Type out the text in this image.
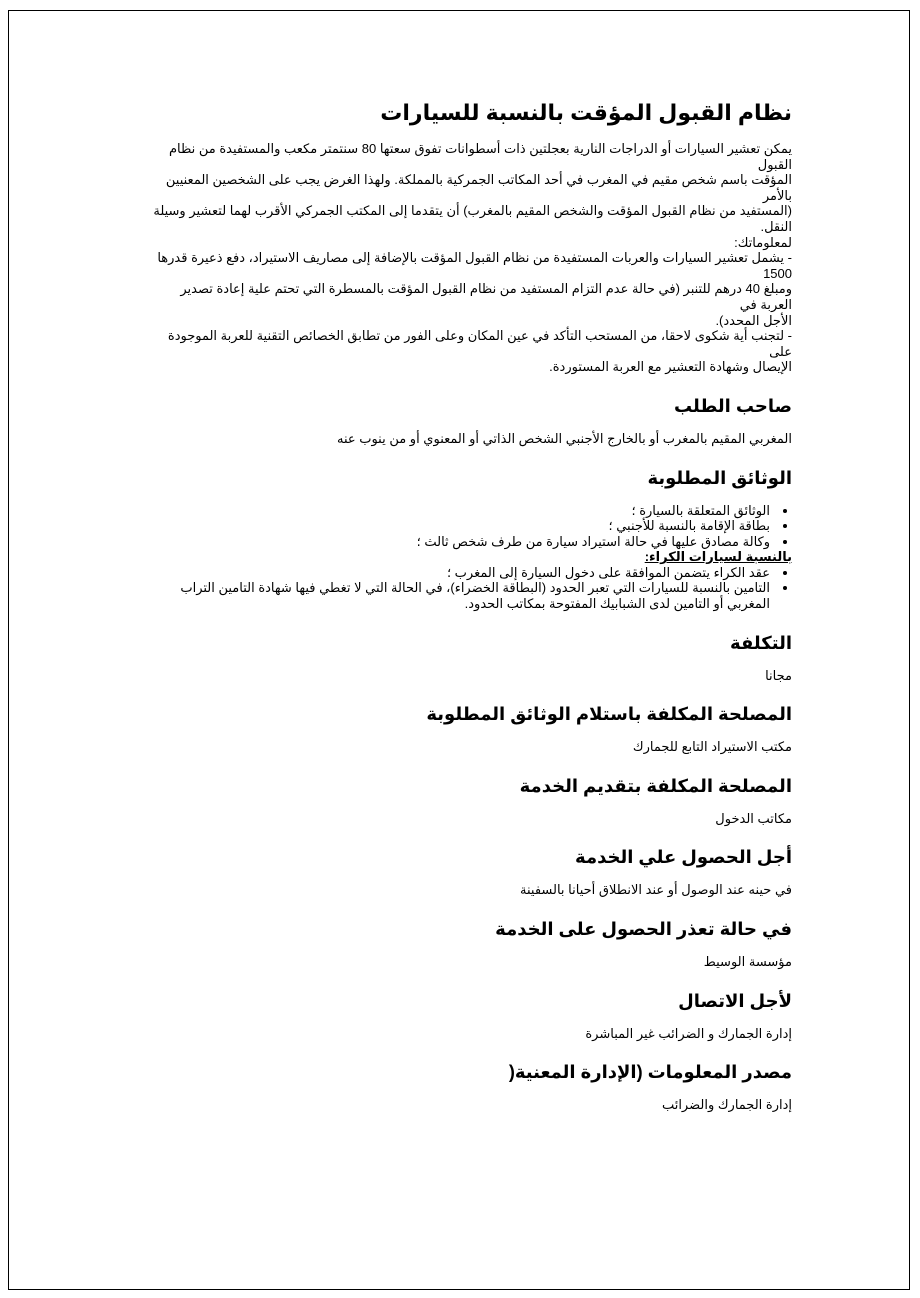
نظام القبول المؤقت بالنسبة للسيارات

يمكن تعشير السيارات أو الدراجات النارية بعجلتين ذات أسطوانات تفوق سعتها 80 سنتمتر مكعب والمستفيدة من نظام القبول
المؤقت باسم شخص مقيم في المغرب في أحد المكاتب الجمركية بالمملكة. ولهذا الغرض يجب على الشخصين المعنيين بالأمر
(المستفيد من نظام القبول المؤقت والشخص المقيم بالمغرب) أن يتقدما إلى المكتب الجمركي الأقرب لهما لتعشير وسيلة النقل.
لمعلوماتك:
- يشمل تعشير السيارات والعربات المستفيدة من نظام القبول المؤقت بالإضافة إلى مصاريف الاستيراد، دفع ذعيرة قدرها 1500
ومبلغ 40 درهم للتنبر (في حالة عدم التزام المستفيد من نظام القبول المؤقت بالمسطرة التي تحتم علية إعادة تصدير العربة في
الأجل المحدد).
- لتجنب أية شكوى لاحقا، من المستحب التأكد في عين المكان وعلى الفور من تطابق الخصائص التقنية للعربة الموجودة على
الإيصال وشهادة التعشير مع العربة المستوردة.

صاحب الطلب

المغربي المقيم بالمغرب أو بالخارج الأجنبي الشخص الذاتي أو المعنوي أو من ينوب عنه

الوثائق المطلوبة
• الوثائق المتعلقة بالسيارة ؛
• بطاقة الإقامة بالنسبة للأجنبي ؛
• وكالة مصادق عليها في حالة استيراد سيارة من طرف شخص ثالث ؛

بالنسبة لسيارات الكراء:

• عقد الكراء يتضمن الموافقة على دخول السيارة إلى المغرب ؛
• التامين بالنسبة للسيارات التي تعبر الحدود (البطاقة الخضراء)، في الحالة التي لا تغطي فيها شهادة التامين التراب المغربي أو التامين لدى الشبابيك المفتوحة بمكاتب الحدود.
التكلفة

مجانا

المصلحة المكلفة باستلام الوثائق المطلوبة

مكتب الاستيراد التابع للجمارك

المصلحة المكلفة بتقديم الخدمة

مكاتب الدخول

أجل الحصول علي الخدمة

في حينه عند الوصول أو عند الانطلاق أحيانا بالسفينة

في حالة تعذر الحصول على الخدمة

مؤسسة الوسيط

لأجل الاتصال

إدارة الجمارك و الضرائب غير المباشرة

مصدر المعلومات (الإدارة المعنية(

إدارة الجمارك والضرائب
